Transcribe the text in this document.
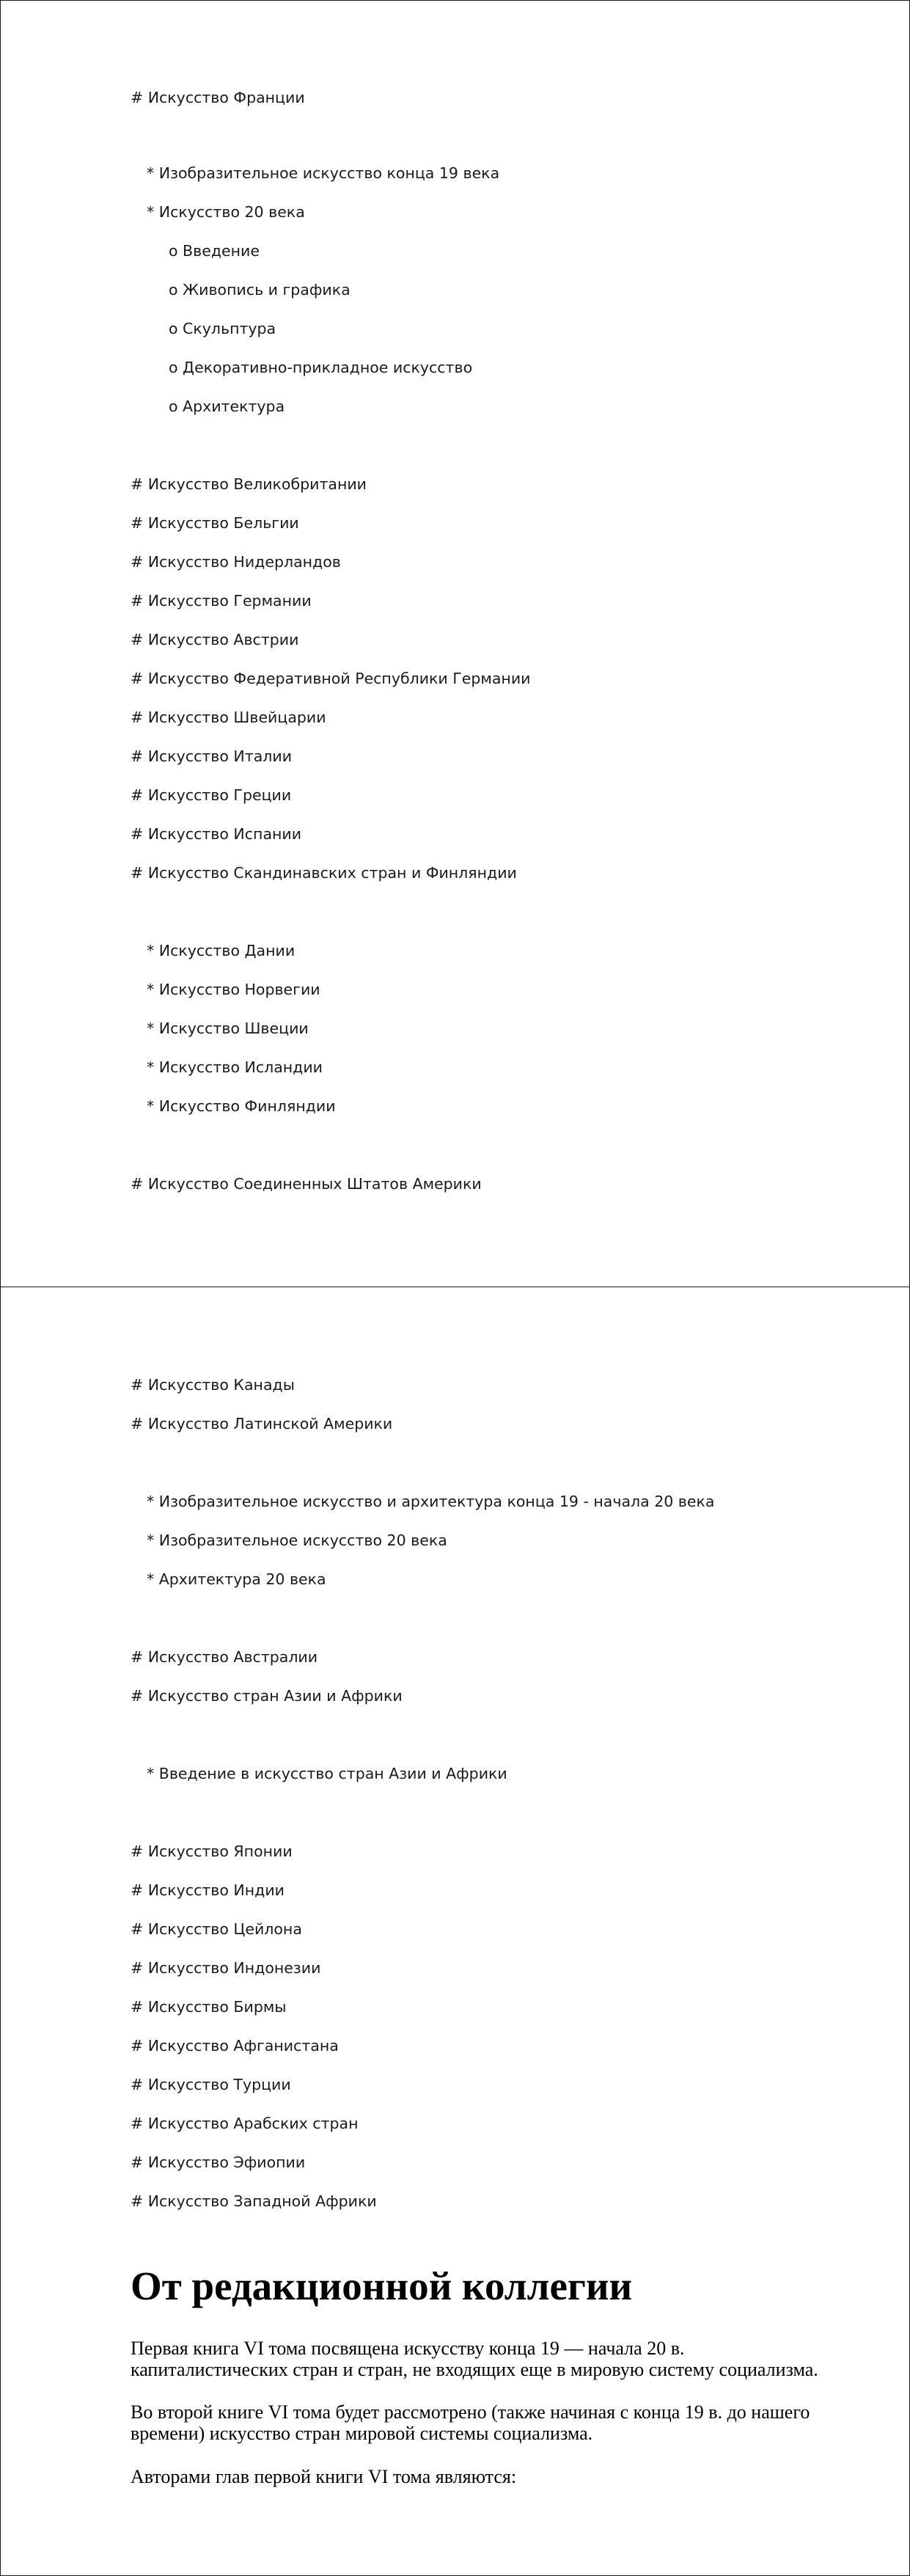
# Искусство Франции
* Изобразительное искусство конца 19 века
* Искусство 20 века
o Введение
o Живопись и графика
o Скульптура
o Декоративно-прикладное искусство
o Архитектура
# Искусство Великобритании
# Искусство Бельгии
# Искусство Нидерландов
# Искусство Германии
# Искусство Австрии
# Искусство Федеративной Республики Германии
# Искусство Швейцарии
# Искусство Италии
# Искусство Греции
# Искусство Испании
# Искусство Скандинавских стран и Финляндии
* Искусство Дании
* Искусство Норвегии
* Искусство Швеции
* Искусство Исландии
* Искусство Финляндии
# Искусство Соединенных Штатов Америки
# Искусство Канады
# Искусство Латинской Америки
* Изобразительное искусство и архитектура конца 19 - начала 20 века
* Изобразительное искусство 20 века
* Архитектура 20 века
# Искусство Австралии
# Искусство стран Азии и Африки
* Введение в искусство стран Азии и Африки
# Искусство Японии
# Искусство Индии
# Искусство Цейлона
# Искусство Индонезии
# Искусство Бирмы
# Искусство Афганистана
# Искусство Турции
# Искусство Арабских стран
# Искусство Эфиопии
# Искусство Западной Африки
От редакционной коллегии
Первая книга VI тома посвящена искусству конца 19 — начала 20 в. капиталистических стран и стран, не входящих еще в мировую систему социализма.
Во второй книге VI тома будет рассмотрено (также начиная с конца 19 в. до нашего времени) искусство стран мировой системы социализма.
Авторами глав первой книги VI тома являются:
